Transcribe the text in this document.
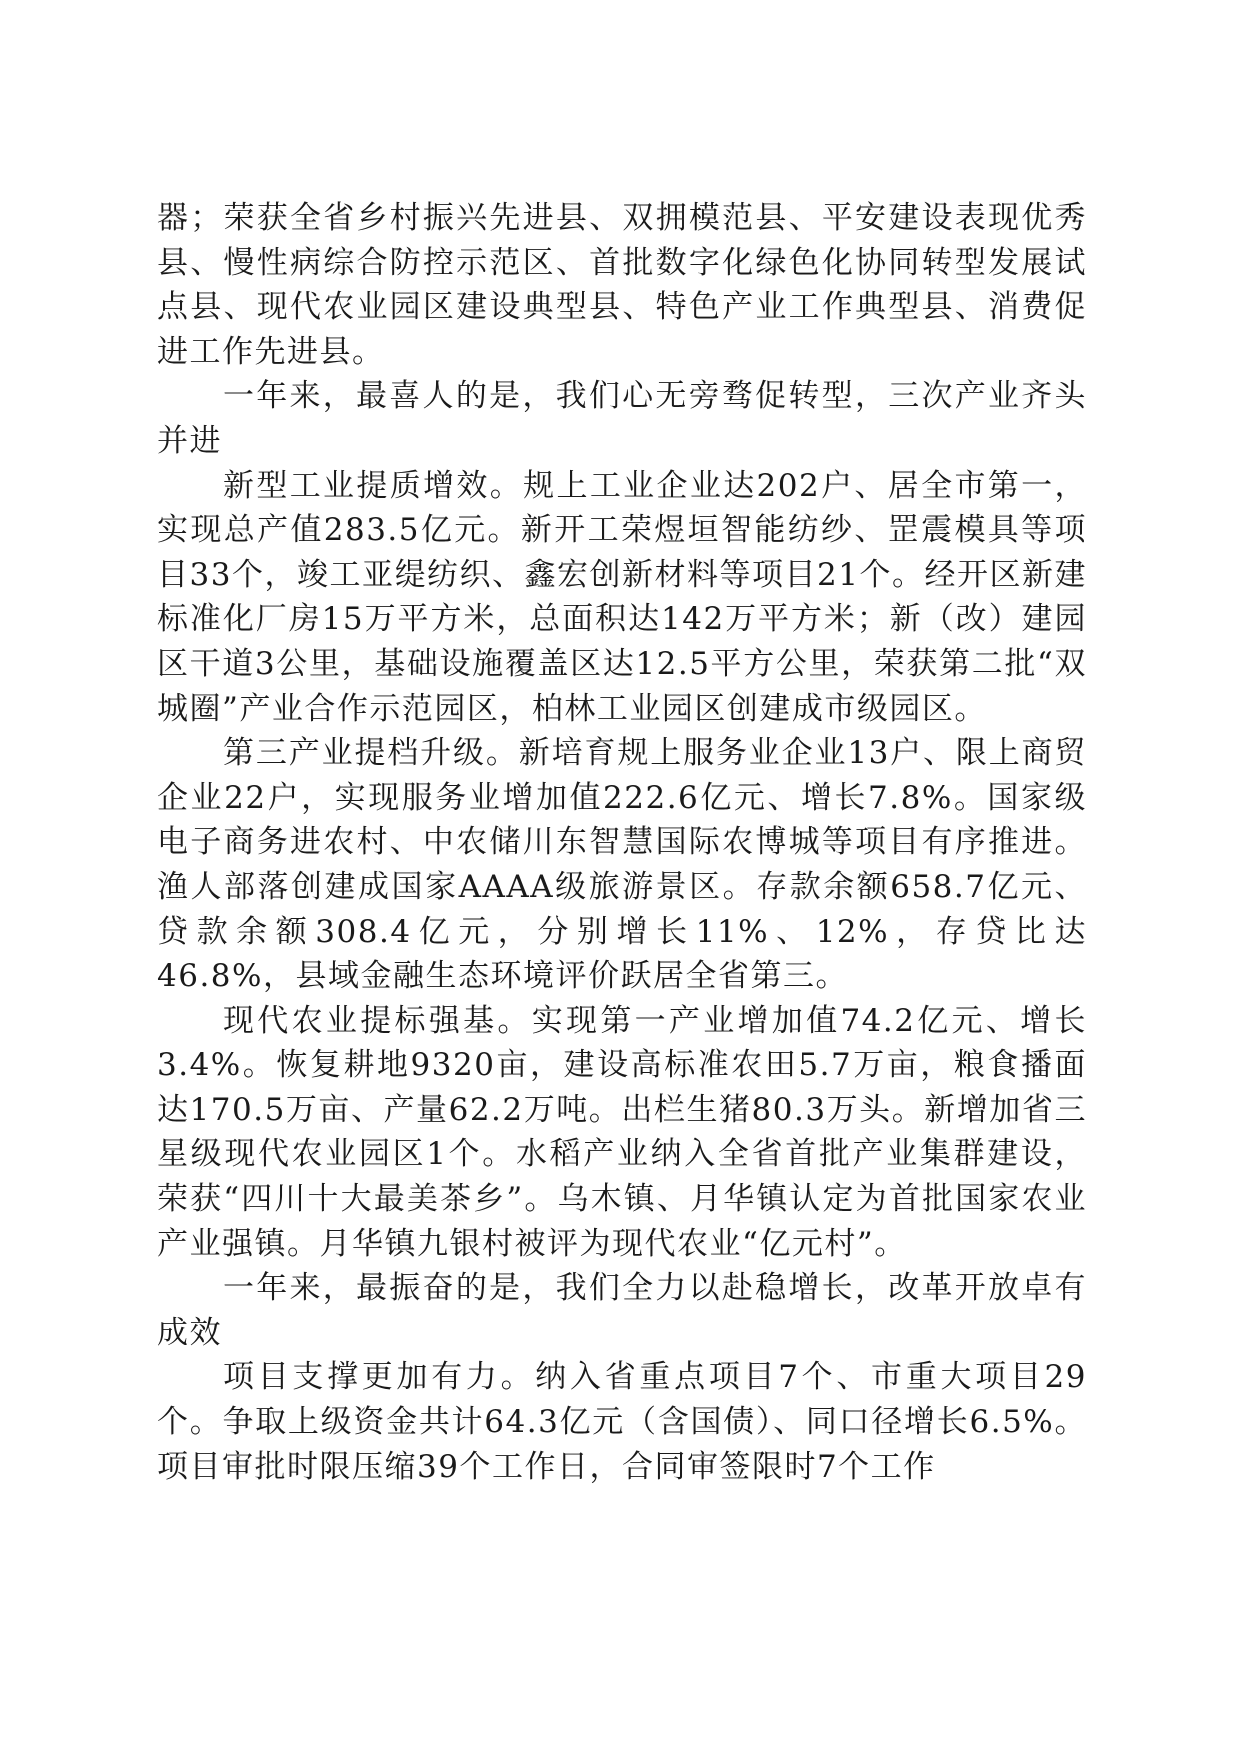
器；荣获全省乡村振兴先进县、双拥模范县、平安建设表现优秀县、慢性病综合防控示范区、首批数字化绿色化协同转型发展试点县、现代农业园区建设典型县、特色产业工作典型县、消费促进工作先进县。

一年来，最喜人的是，我们心无旁骛促转型，三次产业齐头并进

新型工业提质增效。规上工业企业达202户、居全市第一，实现总产值283.5亿元。新开工荣煜垣智能纺纱、罡震模具等项目33个，竣工亚缇纺织、鑫宏创新材料等项目21个。经开区新建标准化厂房15万平方米，总面积达142万平方米；新（改）建园区干道3公里，基础设施覆盖区达12.5平方公里，荣获第二批“双城圈”产业合作示范园区，柏林工业园区创建成市级园区。

第三产业提档升级。新培育规上服务业企业13户、限上商贸企业22户，实现服务业增加值222.6亿元、增长7.8%。国家级电子商务进农村、中农储川东智慧国际农博城等项目有序推进。渔人部落创建成国家AAAA级旅游景区。存款余额658.7亿元、贷款余额308.4亿元，分别增长11%、12%，存贷比达46.8%，县域金融生态环境评价跃居全省第三。

现代农业提标强基。实现第一产业增加值74.2亿元、增长3.4%。恢复耕地9320亩，建设高标准农田5.7万亩，粮食播面达170.5万亩、产量62.2万吨。出栏生猪80.3万头。新增加省三星级现代农业园区1个。水稻产业纳入全省首批产业集群建设，荣获“四川十大最美茶乡”。乌木镇、月华镇认定为首批国家农业产业强镇。月华镇九银村被评为现代农业“亿元村”。

一年来，最振奋的是，我们全力以赴稳增长，改革开放卓有成效

项目支撑更加有力。纳入省重点项目7个、市重大项目29个。争取上级资金共计64.3亿元（含国债）、同口径增长6.5%。项目审批时限压缩39个工作日，合同审签限时7个工作
